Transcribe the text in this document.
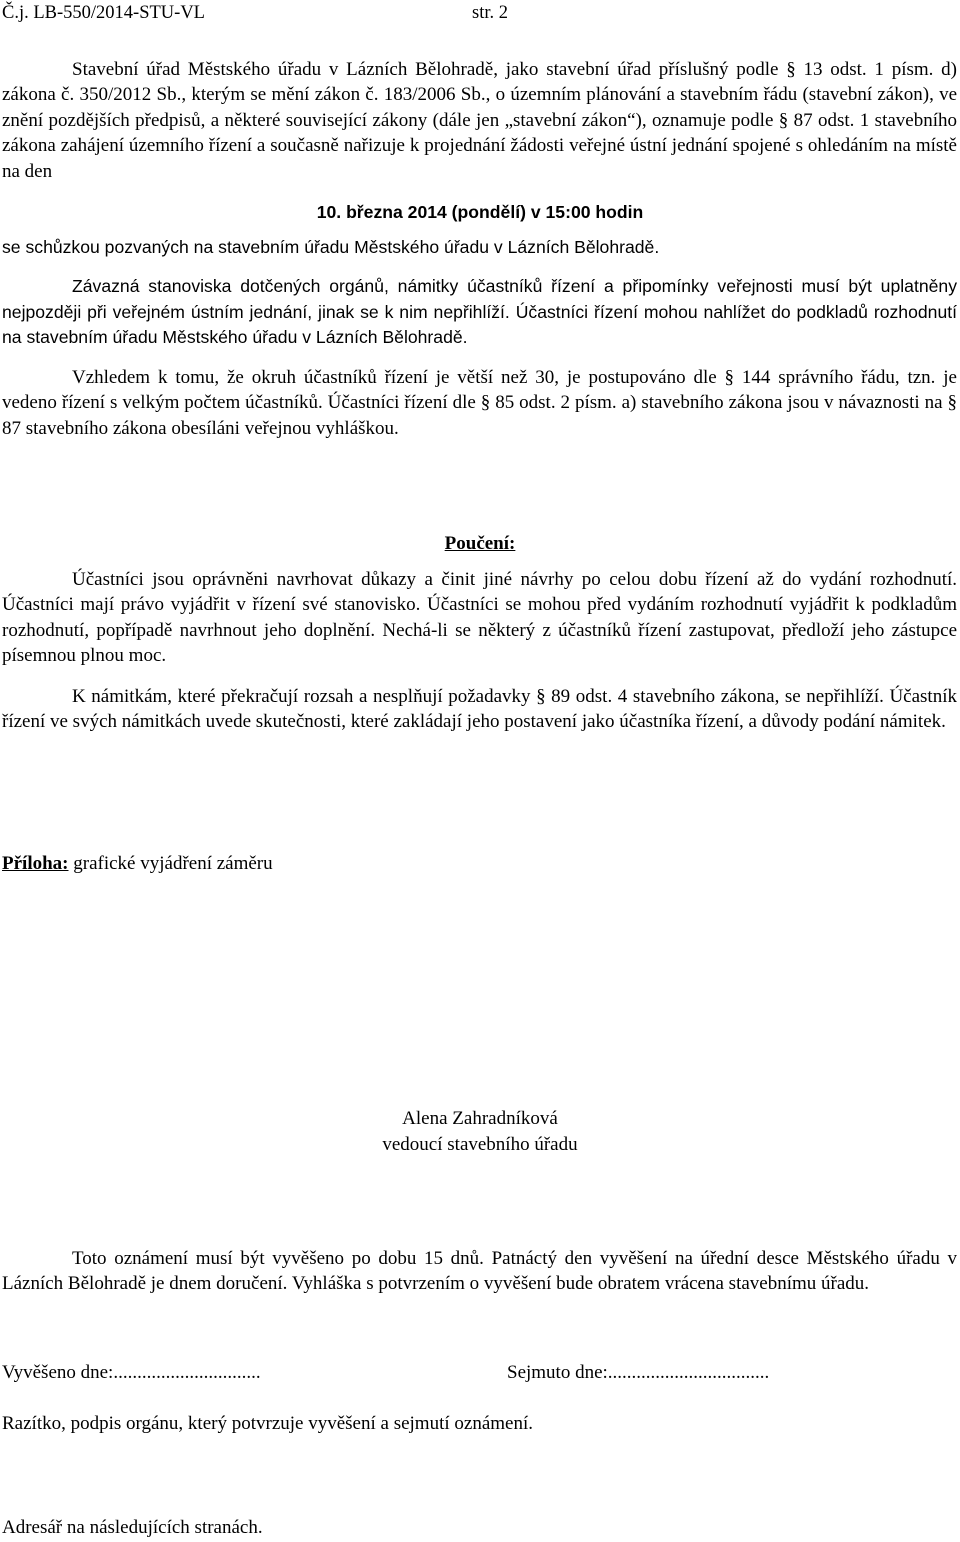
Č.j. LB-550/2014-STU-VL	str. 2

Stavební úřad Městského úřadu v Lázních Bělohradě, jako stavební úřad příslušný podle § 13 odst. 1 písm. d) zákona č. 350/2012 Sb., kterým se mění zákon č. 183/2006 Sb., o územním plánování a stavebním řádu (stavební zákon), ve znění pozdějších předpisů, a některé související zákony (dále jen „stavební zákon“), oznamuje podle § 87 odst. 1 stavebního zákona zahájení územního řízení a současně nařizuje k projednání žádosti veřejné ústní jednání spojené s ohledáním na místě na den

10. března 2014 (pondělí) v 15:00 hodin
se schůzkou pozvaných na stavebním úřadu Městského úřadu v Lázních Bělohradě.

Závazná stanoviska dotčených orgánů, námitky účastníků řízení a připomínky veřejnosti musí být uplatněny nejpozději při veřejném ústním jednání, jinak se k nim nepřihlíží. Účastníci řízení mohou nahlížet do podkladů rozhodnutí na stavebním úřadu Městského úřadu v Lázních Bělohradě.

Vzhledem k tomu, že okruh účastníků řízení je větší než 30, je postupováno dle § 144 správního řádu, tzn. je vedeno řízení s velkým počtem účastníků. Účastníci řízení dle § 85 odst. 2 písm. a) stavebního zákona jsou v návaznosti na § 87 stavebního zákona obesíláni veřejnou vyhláškou.

Poučení:

Účastníci jsou oprávněni navrhovat důkazy a činit jiné návrhy po celou dobu řízení až do vydání rozhodnutí. Účastníci mají právo vyjádřit v řízení své stanovisko. Účastníci se mohou před vydáním rozhodnutí vyjádřit k podkladům rozhodnutí, popřípadě navrhnout jeho doplnění. Nechá-li se některý z účastníků řízení zastupovat, předloží jeho zástupce písemnou plnou moc.

K námitkám, které překračují rozsah a nesplňují požadavky § 89 odst. 4 stavebního zákona, se nepřihlíží. Účastník řízení ve svých námitkách uvede skutečnosti, které zakládají jeho postavení jako účastníka řízení, a důvody podání námitek.

Příloha: grafické vyjádření záměru
Alena Zahradníková
vedoucí stavebního úřadu

Toto oznámení musí být vyvěšeno po dobu 15 dnů. Patnáctý den vyvěšení na úřední desce Městského úřadu v Lázních Bělohradě je dnem doručení. Vyhláška s potvrzením o vyvěšení bude obratem vrácena stavebnímu úřadu.

Vyvěšeno dne:...............................	Sejmuto dne:..................................
Razítko, podpis orgánu, který potvrzuje vyvěšení a sejmutí oznámení.
Adresář na následujících stranách.
